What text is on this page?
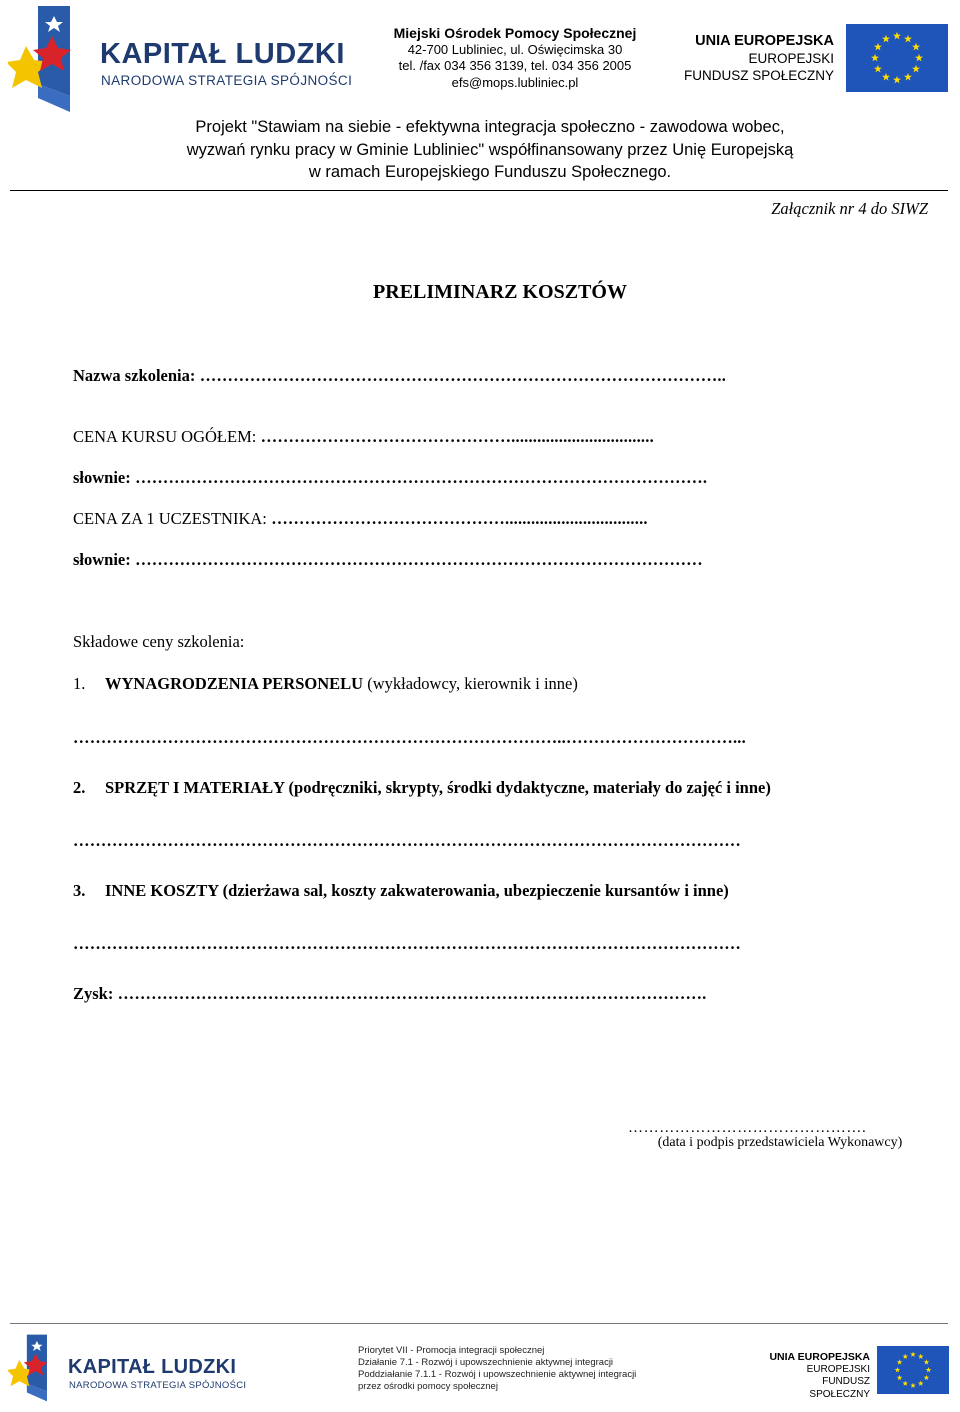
KAPITAŁ LUDZKI
NARODOWA STRATEGIA SPÓJNOŚCI
Miejski Ośrodek Pomocy Społecznej
42-700 Lubliniec, ul. Oświęcimska 30
tel. /fax 034 356 3139, tel. 034 356 2005
efs@mops.lubliniec.pl
UNIA EUROPEJSKA
EUROPEJSKI
FUNDUSZ SPOŁECZNY
Projekt "Stawiam na siebie - efektywna integracja społeczno - zawodowa wobec,
wyzwań rynku pracy w Gminie Lubliniec" współfinansowany przez Unię Europejską
w ramach Europejskiego Funduszu Społecznego.
Załącznik nr 4 do SIWZ
PRELIMINARZ KOSZTÓW
Nazwa szkolenia: …………………………………………………………………………………..
CENA KURSU OGÓŁEM: ……………………………………….................................
słownie: ………………………………………………………………………………………….
CENA ZA 1 UCZESTNIKA: …………………………………….................................
słownie: …………………………………………………………………………………………
Składowe ceny szkolenia:
1. WYNAGRODZENIA PERSONELU (wykładowcy, kierownik i inne)
……………………………………………………………………………..…………………………...
2. SPRZĘT I MATERIAŁY (podręczniki, skrypty, środki dydaktyczne, materiały do zajęć i inne)
…………………………………………………………………………………………………………
3. INNE KOSZTY (dzierżawa sal, koszty zakwaterowania, ubezpieczenie kursantów i inne)
…………………………………………………………………………………………………………
Zysk: …………………………………………………………………………………………….
……………………………………….
(data i podpis przedstawiciela Wykonawcy)
KAPITAŁ LUDZKI
NARODOWA STRATEGIA SPÓJNOŚCI
Priorytet VII - Promocja integracji społecznej
Działanie 7.1 - Rozwój i upowszechnienie aktywnej integracji
Poddziałanie 7.1.1 - Rozwój i upowszechnienie aktywnej integracji
przez ośrodki pomocy społecznej
UNIA EUROPEJSKA
EUROPEJSKI
FUNDUSZ SPOŁECZNY
